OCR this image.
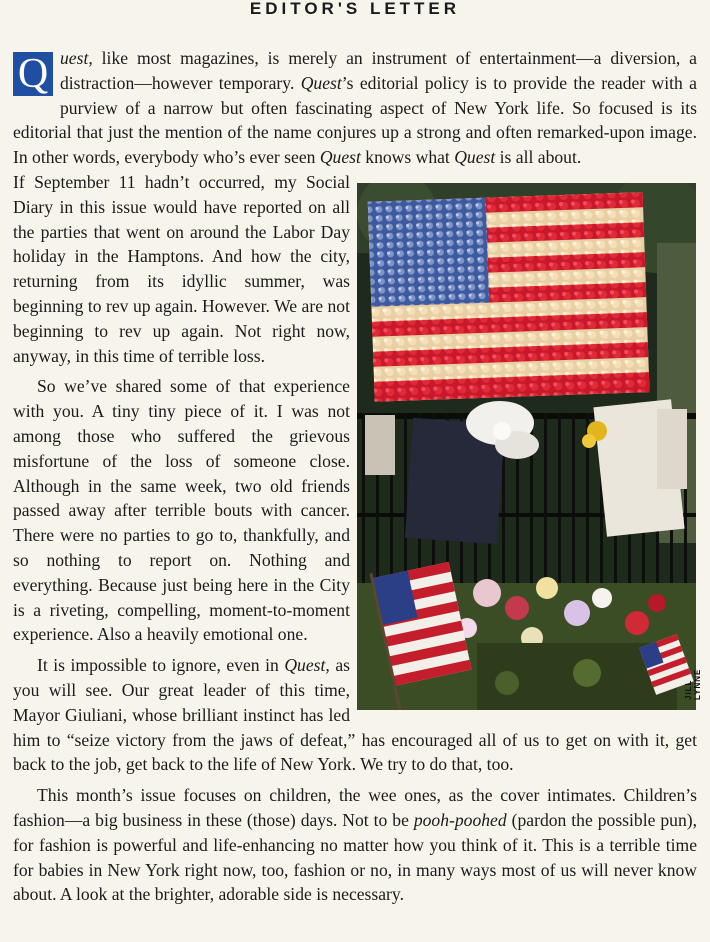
EDITOR'S LETTER
Q uest, like most magazines, is merely an instrument of entertainment—a diversion, a distraction—however temporary. Quest’s editorial policy is to provide the reader with a purview of a narrow but often fascinating aspect of New York life. So focused is its editorial that just the mention of the name conjures up a strong and often remarked-upon image. In other words, everybody who’s ever seen Quest knows what Quest is all about.

If September 11 hadn’t occurred, my Social Diary in this issue would have reported on all the parties that went on around the Labor Day holiday in the Hamptons. And how the city, returning from its idyllic summer, was beginning to rev up again. However. We are not beginning to rev up again. Not right now, anyway, in this time of terrible loss.

So we’ve shared some of that experience with you. A tiny tiny piece of it. I was not among those who suffered the grievous misfortune of the loss of someone close. Although in the same week, two old friends passed away after terrible bouts with cancer. There were no parties to go to, thankfully, and so nothing to report on. Nothing and everything. Because just being here in the City is a riveting, compelling, moment-to-moment experience. Also a heavily emotional one.

It is impossible to ignore, even in Quest, as you will see. Our great leader of this time, Mayor Giuliani, whose brilliant instinct has led him to “seize victory from the jaws of defeat,” has encouraged all of us to get on with it, get back to the job, get back to the life of New York. We try to do that, too.

This month’s issue focuses on children, the wee ones, as the cover intimates. Children’s fashion—a big business in these (those) days. Not to be pooh-poohed (pardon the possible pun), for fashion is powerful and life-enhancing no matter how you think of it. This is a terrible time for babies in New York right now, too, fashion or no, in many ways most of us will never know about. A look at the brighter, adorable side is necessary.

JILL LYNNE
